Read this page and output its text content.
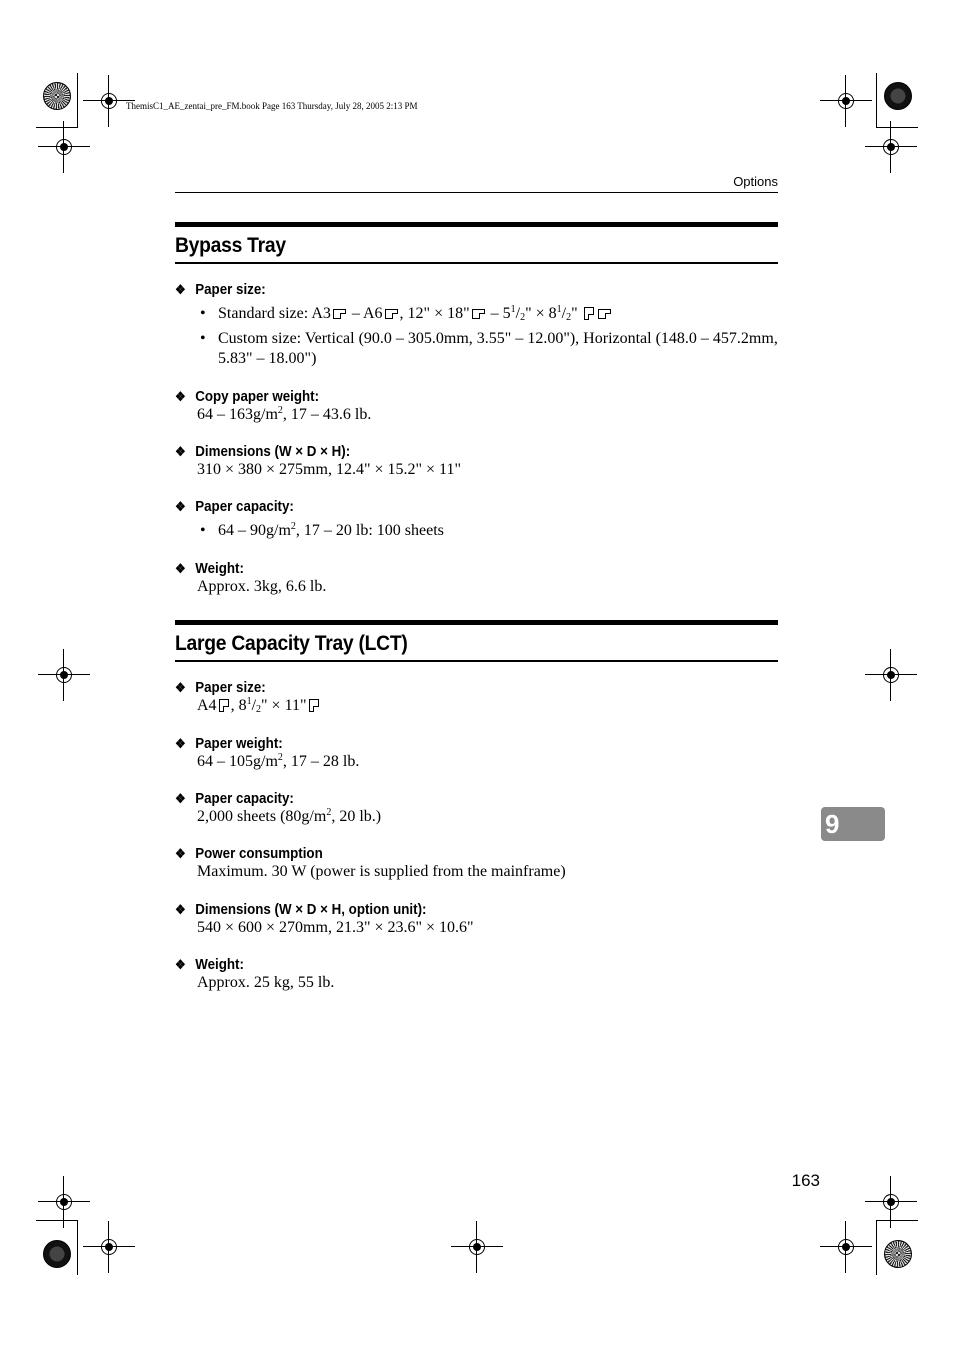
ThemisC1_AE_zentai_pre_FM.book Page 163 Thursday, July 28, 2005 2:13 PM
Options
Bypass Tray
❖ Paper size:
• Standard size: A3 – A6 , 12" × 18" – $5^1/_2$" × $8^1/_2$"
• Custom size: Vertical (90.0 – 305.0mm, 3.55" – 12.00"), Horizontal (148.0 – 457.2mm, 5.83" – 18.00")
❖ Copy paper weight:
$64 - 163g/m^2$, 17 – 43.6 lb.
❖ Dimensions (W × D × H):
310 × 380 × 275mm, 12.4" × 15.2" × 11"
❖ Paper capacity:
• $64 - 90g/m^2$, 17 – 20 lb: 100 sheets
❖ Weight:
Approx. 3kg, 6.6 lb.
Large Capacity Tray (LCT)
❖ Paper size:
A4 , $8^1/_2$" × 11"
❖ Paper weight:
$64 - 105g/m^2$, 17 – 28 lb.
❖ Paper capacity:
2,000 sheets ($80g/m^2$, 20 lb.)
❖ Power consumption
Maximum. 30 W (power is supplied from the mainframe)
❖ Dimensions (W × D × H, option unit):
540 × 600 × 270mm, 21.3" × 23.6" × 10.6"
❖ Weight:
Approx. 25 kg, 55 lb.
9
163
